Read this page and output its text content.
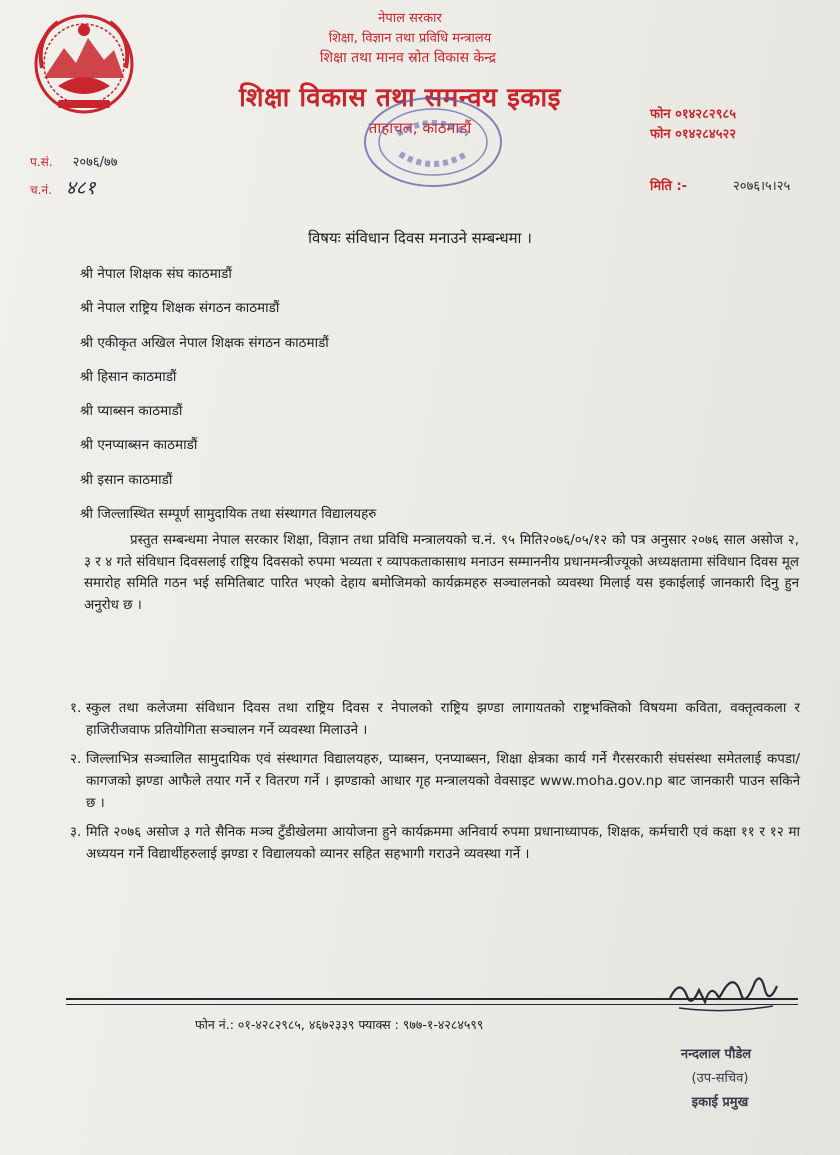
नेपाल सरकार
शिक्षा, विज्ञान तथा प्रविधि मन्त्रालय
शिक्षा तथा मानव स्रोत विकास केन्द्र
शिक्षा विकास तथा समन्वय इकाइ
ताहाचल, काठमाडौं
फोन ०१४२८२९८५
फोन ०१४२८४५२२
प.सं. २०७६/७७
च.नं. ४८१	मिति :-	२०७६।५।२५
विषयः संविधान दिवस मनाउने सम्बन्धमा ।
श्री नेपाल शिक्षक संघ काठमाडौं
श्री नेपाल राष्ट्रिय शिक्षक संगठन काठमाडौं
श्री एकीकृत अखिल नेपाल शिक्षक संगठन काठमाडौं
श्री हिसान काठमाडौं
श्री प्याब्सन काठमाडौं
श्री एनप्याब्सन काठमाडौं
श्री इसान काठमाडौं
श्री जिल्लास्थित सम्पूर्ण सामुदायिक तथा संस्थागत विद्यालयहरु

प्रस्तुत सम्बन्धमा नेपाल सरकार शिक्षा, विज्ञान तथा प्रविधि मन्त्रालयको च.नं. ९५ मिति२०७६/०५/१२ को पत्र अनुसार २०७६ साल असोज २, ३ र ४ गते संविधान दिवसलाई राष्ट्रिय दिवसको रुपमा भव्यता र व्यापकताकासाथ मनाउन सम्माननीय प्रधानमन्त्रीज्यूको अध्यक्षतामा संविधान दिवस मूल समारोह समिति गठन भई समितिबाट पारित भएको देहाय बमोजिमको कार्यक्रमहरु सञ्चालनको व्यवस्था मिलाई यस इकाईलाई जानकारी दिनु हुन अनुरोध छ ।

१. स्कुल तथा कलेजमा संविधान दिवस तथा राष्ट्रिय दिवस र नेपालको राष्ट्रिय झण्डा लागायतको राष्ट्रभक्तिको विषयमा कविता, वक्तृत्वकला र हाजिरीजवाफ प्रतियोगिता सञ्चालन गर्ने व्यवस्था मिलाउने ।
२. जिल्लाभित्र सञ्चालित सामुदायिक एवं संस्थागत विद्यालयहरु, प्याब्सन, एनप्याब्सन, शिक्षा क्षेत्रका कार्य गर्ने गैरसरकारी संघसंस्था समेतलाई कपडा/कागजको झण्डा आफैले तयार गर्ने र वितरण गर्ने । झण्डाको आधार गृह मन्त्रालयको वेवसाइट www.moha.gov.np बाट जानकारी पाउन सकिने छ ।
३. मिति २०७६ असोज ३ गते सैनिक मञ्च टुँडीखेलमा आयोजना हुने कार्यक्रममा अनिवार्य रुपमा प्रधानाध्यापक, शिक्षक, कर्मचारी एवं कक्षा ११ र १२ मा अध्ययन गर्ने विद्यार्थीहरुलाई झण्डा र विद्यालयको व्यानर सहित सहभागी गराउने व्यवस्था गर्ने ।
फोन नं.: ०१-४२८२९८५, ४६७२३३९ फ्याक्स : ९७७-१-४२८४५९९
नन्दलाल पौडेल
(उप-सचिव)
इकाई प्रमुख
